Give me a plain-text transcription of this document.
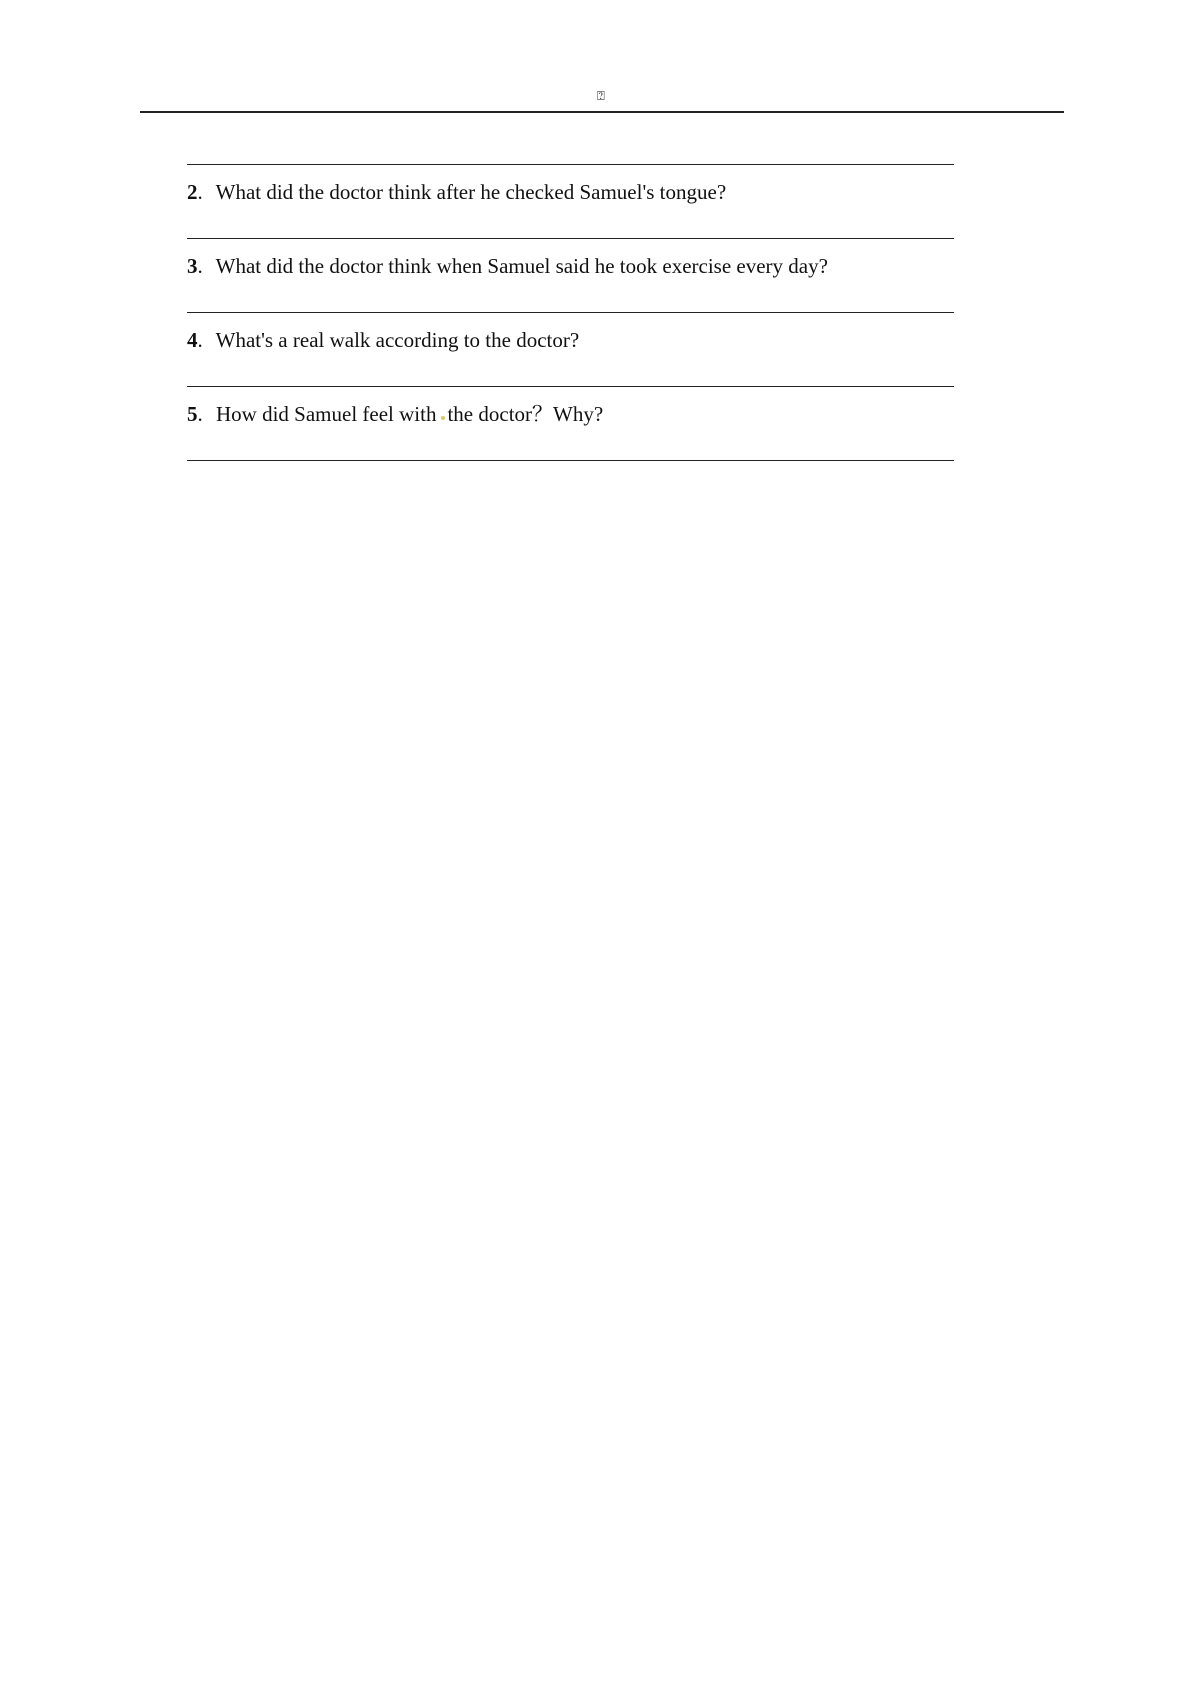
⍰
2. What did the doctor think after he checked Samuel's tongue?
3. What did the doctor think when Samuel said he took exercise every day?
4. What's a real walk according to the doctor?
5. How did Samuel feel with the doctor？Why?
